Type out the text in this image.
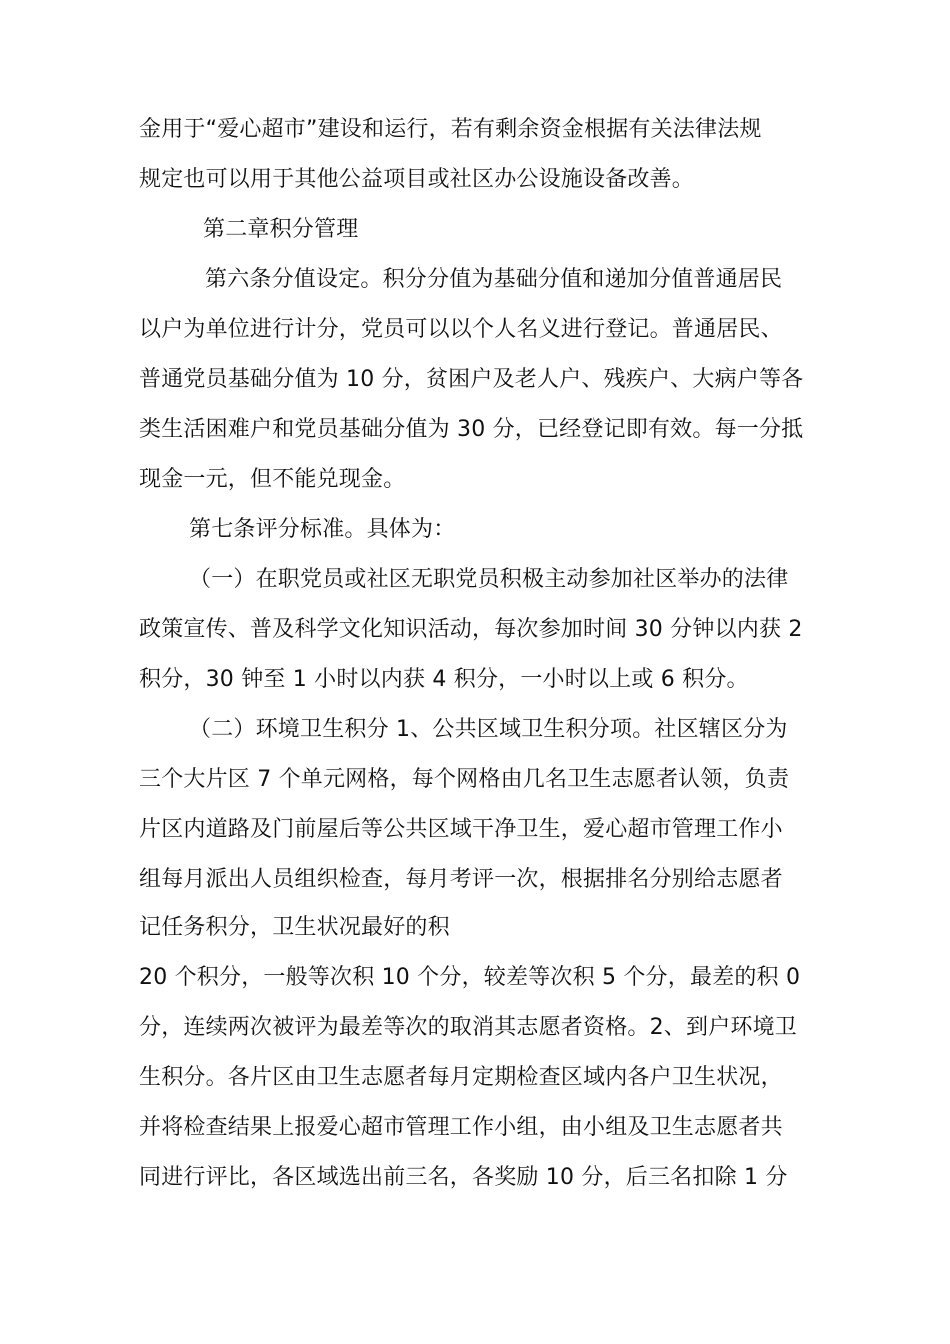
金用于“爱心超市”建设和运行，若有剩余资金根据有关法律法规
规定也可以用于其他公益项目或社区办公设施设备改善。
第二章积分管理
第六条分值设定。积分分值为基础分值和递加分值普通居民
以户为单位进行计分，党员可以以个人名义进行登记。普通居民、
普通党员基础分值为 10 分，贫困户及老人户、残疾户、大病户等各
类生活困难户和党员基础分值为 30 分，已经登记即有效。每一分抵
现金一元，但不能兑现金。
第七条评分标准。具体为：
（一）在职党员或社区无职党员积极主动参加社区举办的法律
政策宣传、普及科学文化知识活动，每次参加时间 30 分钟以内获 2
积分，30 钟至 1 小时以内获 4 积分，一小时以上或 6 积分。
（二）环境卫生积分 1、公共区域卫生积分项。社区辖区分为
三个大片区 7 个单元网格，每个网格由几名卫生志愿者认领，负责
片区内道路及门前屋后等公共区域干净卫生，爱心超市管理工作小
组每月派出人员组织检查，每月考评一次，根据排名分别给志愿者
记任务积分，卫生状况最好的积
20 个积分，一般等次积 10 个分，较差等次积 5 个分，最差的积 0
分，连续两次被评为最差等次的取消其志愿者资格。2、到户环境卫
生积分。各片区由卫生志愿者每月定期检查区域内各户卫生状况，
并将检查结果上报爱心超市管理工作小组，由小组及卫生志愿者共
同进行评比，各区域选出前三名，各奖励 10 分，后三名扣除 1 分
